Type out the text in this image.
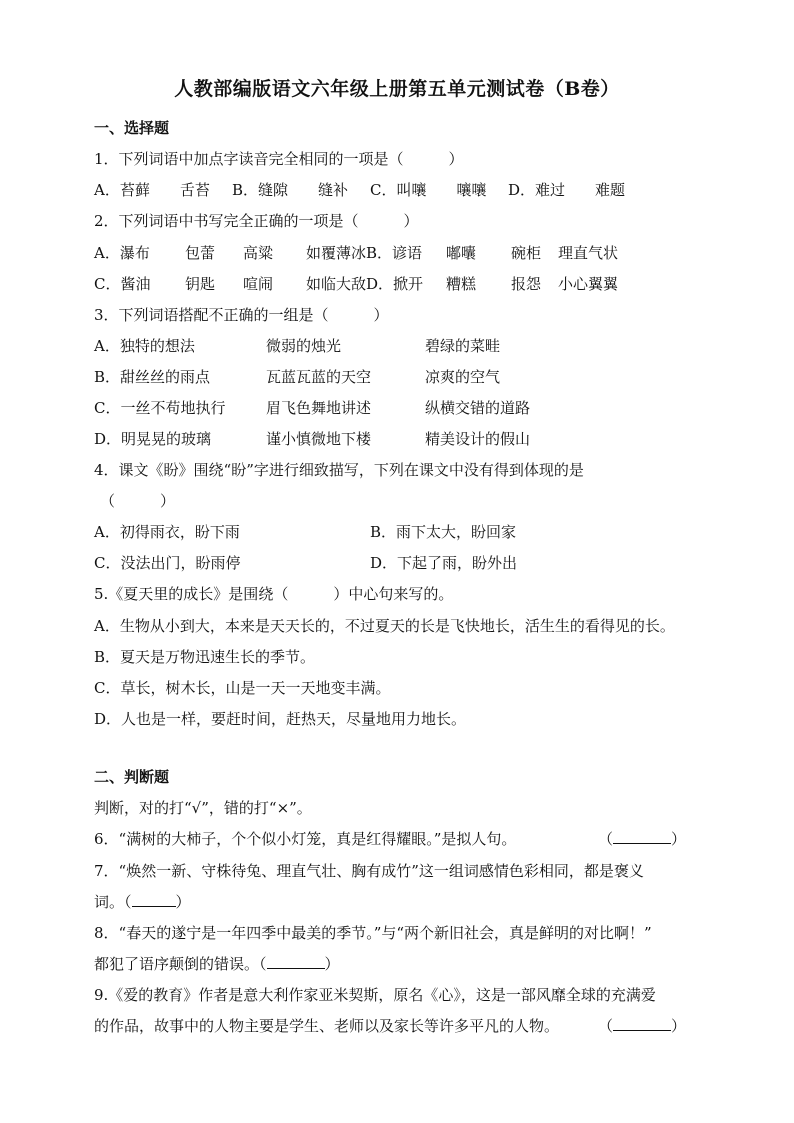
人教部编版语文六年级上册第五单元测试卷（B卷）
一、选择题
1．下列词语中加点字读音完全相同的一项是（　　　）
A．苔藓　　舌苔 B．缝隙　　缝补 C．叫嚷　　嚷嚷 D．难过　　难题
2．下列词语中书写完全正确的一项是（　　　）
A．瀑布 包蕾 高粱 如覆薄冰B．谚语 嘟囔 碗柜 理直气状
C．酱油 钥匙 喧闹 如临大敌D．掀开 糟糕 报怨 小心翼翼
3．下列词语搭配不正确的一组是（　　　）
A．独特的想法	微弱的烛光	碧绿的菜畦
B．甜丝丝的雨点	瓦蓝瓦蓝的天空	凉爽的空气
C．一丝不苟地执行	眉飞色舞地讲述	纵横交错的道路
D．明晃晃的玻璃	谨小慎微地下楼	精美设计的假山
4．课文《盼》围绕“盼”字进行细致描写，下列在课文中没有得到体现的是
（　　　）
A．初得雨衣，盼下雨	B．雨下太大，盼回家
C．没法出门，盼雨停	D．下起了雨，盼外出
5.《夏天里的成长》是围绕（　　　）中心句来写的。
A．生物从小到大，本来是天天长的，不过夏天的长是飞快地长，活生生的看得见的长。
B．夏天是万物迅速生长的季节。
C．草长，树木长，山是一天一天地变丰满。
D．人也是一样，要赶时间，赶热天，尽量地用力地长。
二、判断题
判断，对的打“√”，错的打“×”。
6．“满树的大柿子，个个似小灯笼，真是红得耀眼。”是拟人句。	（	）
7．“焕然一新、守株待兔、理直气壮、胸有成竹”这一组词感情色彩相同，都是褒义
词。（	）
8．“春天的遂宁是一年四季中最美的季节。”与“两个新旧社会，真是鲜明的对比啊！”
都犯了语序颠倒的错误。（	）
9.《爱的教育》作者是意大利作家亚米契斯，原名《心》，这是一部风靡全球的充满爱
的作品，故事中的人物主要是学生、老师以及家长等许多平凡的人物。	（	）
